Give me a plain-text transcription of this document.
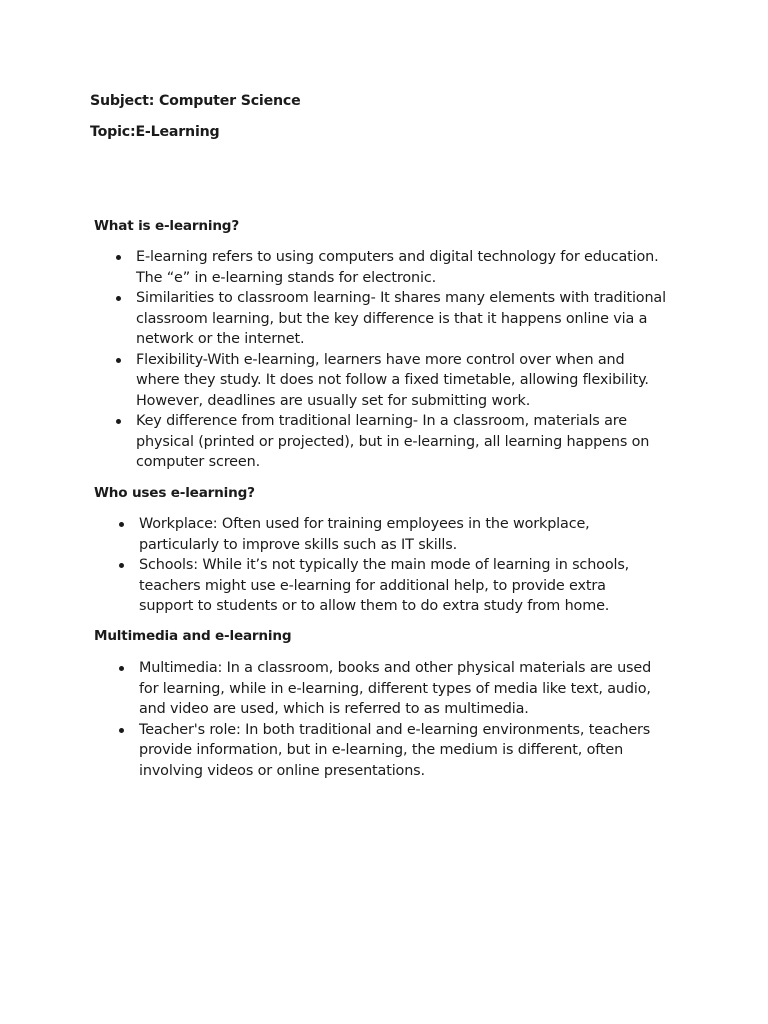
Subject: Computer Science
Topic:E-Learning
What is e-learning?
E-learning refers to using computers and digital technology for education.
The “e” in e-learning stands for electronic.
Similarities to classroom learning- It shares many elements with traditional
classroom learning, but the key difference is that it happens online via a
network or the internet.
Flexibility-With e-learning, learners have more control over when and
where they study. It does not follow a fixed timetable, allowing flexibility.
However, deadlines are usually set for submitting work.
Key difference from traditional learning- In a classroom, materials are
physical (printed or projected), but in e-learning, all learning happens on
computer screen.
Who uses e-learning?
Workplace: Often used for training employees in the workplace,
particularly to improve skills such as IT skills.
Schools: While it’s not typically the main mode of learning in schools,
teachers might use e-learning for additional help, to provide extra
support to students or to allow them to do extra study from home.
Multimedia and e-learning
Multimedia: In a classroom, books and other physical materials are used
for learning, while in e-learning, different types of media like text, audio,
and video are used, which is referred to as multimedia.
Teacher's role: In both traditional and e-learning environments, teachers
provide information, but in e-learning, the medium is different, often
involving videos or online presentations.
